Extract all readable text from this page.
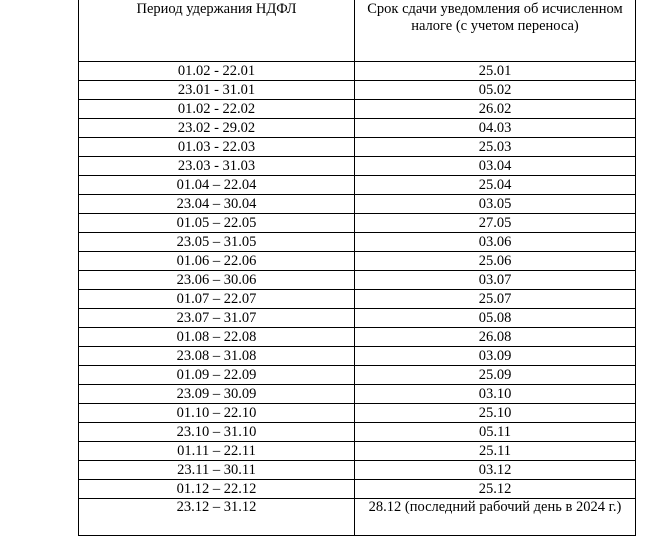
Период удержания НДФЛ	Срок сдачи уведомления об исчисленном налоге (с учетом переноса)

01.02 - 22.01	25.01

23.01 - 31.01	05.02

01.02 - 22.02	26.02

23.02 - 29.02	04.03

01.03 - 22.03	25.03

23.03 - 31.03	03.04

01.04 – 22.04	25.04

23.04 – 30.04	03.05

01.05 – 22.05	27.05

23.05 – 31.05	03.06

01.06 – 22.06	25.06

23.06 – 30.06	03.07

01.07 – 22.07	25.07

23.07 – 31.07	05.08

01.08 – 22.08	26.08

23.08 – 31.08	03.09

01.09 – 22.09	25.09

23.09 – 30.09	03.10

01.10 – 22.10	25.10

23.10 – 31.10	05.11

01.11 – 22.11	25.11

23.11 – 30.11	03.12

01.12 – 22.12	25.12

23.12 – 31.12	28.12 (последний рабочий день в 2024 г.)
